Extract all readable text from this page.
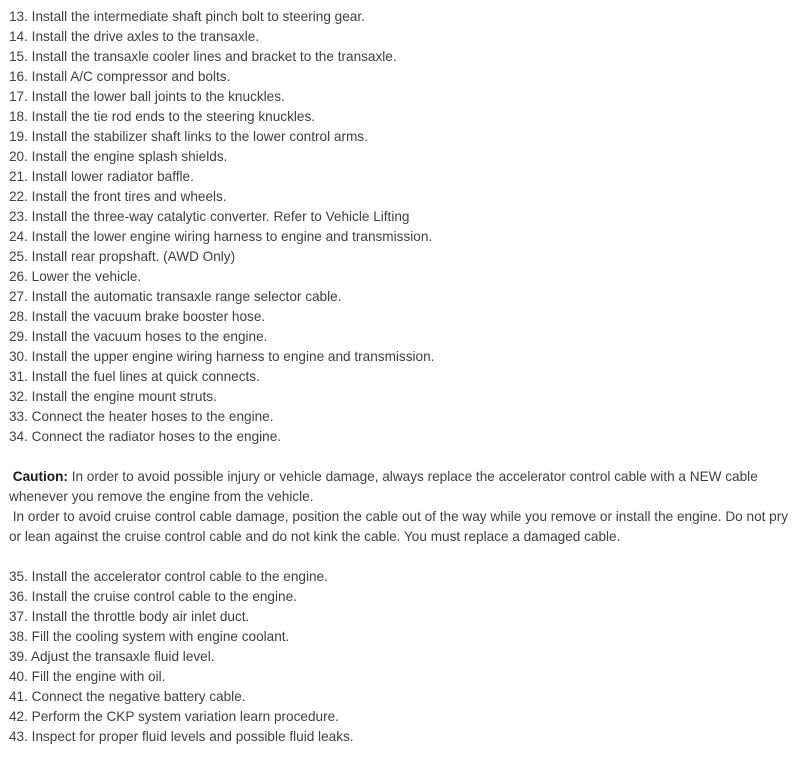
13. Install the intermediate shaft pinch bolt to steering gear.
14. Install the drive axles to the transaxle.
15. Install the transaxle cooler lines and bracket to the transaxle.
16. Install A/C compressor and bolts.
17. Install the lower ball joints to the knuckles.
18. Install the tie rod ends to the steering knuckles.
19. Install the stabilizer shaft links to the lower control arms.
20. Install the engine splash shields.
21. Install lower radiator baffle.
22. Install the front tires and wheels.
23. Install the three-way catalytic converter. Refer to Vehicle Lifting
24. Install the lower engine wiring harness to engine and transmission.
25. Install rear propshaft. (AWD Only)
26. Lower the vehicle.
27. Install the automatic transaxle range selector cable.
28. Install the vacuum brake booster hose.
29. Install the vacuum hoses to the engine.
30. Install the upper engine wiring harness to engine and transmission.
31. Install the fuel lines at quick connects.
32. Install the engine mount struts.
33. Connect the heater hoses to the engine.
34. Connect the radiator hoses to the engine.

Caution: In order to avoid possible injury or vehicle damage, always replace the accelerator control cable with a NEW cable whenever you remove the engine from the vehicle.

In order to avoid cruise control cable damage, position the cable out of the way while you remove or install the engine. Do not pry or lean against the cruise control cable and do not kink the cable. You must replace a damaged cable.

35. Install the accelerator control cable to the engine.
36. Install the cruise control cable to the engine.
37. Install the throttle body air inlet duct.
38. Fill the cooling system with engine coolant.
39. Adjust the transaxle fluid level.
40. Fill the engine with oil.
41. Connect the negative battery cable.
42. Perform the CKP system variation learn procedure.
43. Inspect for proper fluid levels and possible fluid leaks.
